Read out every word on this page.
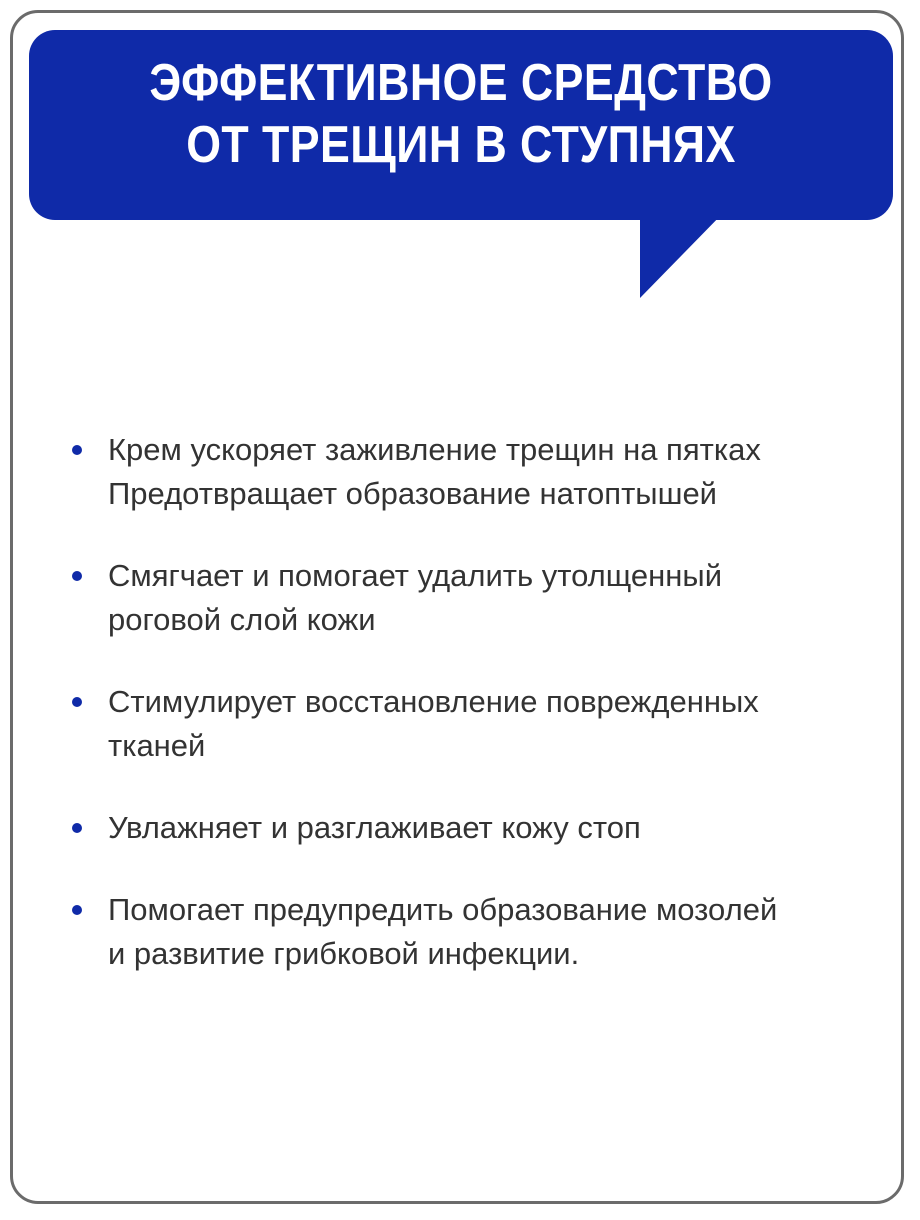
ЭФФЕКТИВНОЕ СРЕДСТВО
ОТ ТРЕЩИН В СТУПНЯХ
Крем ускоряет заживление трещин на пятках
Предотвращает образование натоптышей
Смягчает и помогает удалить утолщенный
роговой слой кожи
Стимулирует восстановление поврежденных
тканей
Увлажняет и разглаживает кожу стоп
Помогает предупредить образование мозолей
и развитие грибковой инфекции.
